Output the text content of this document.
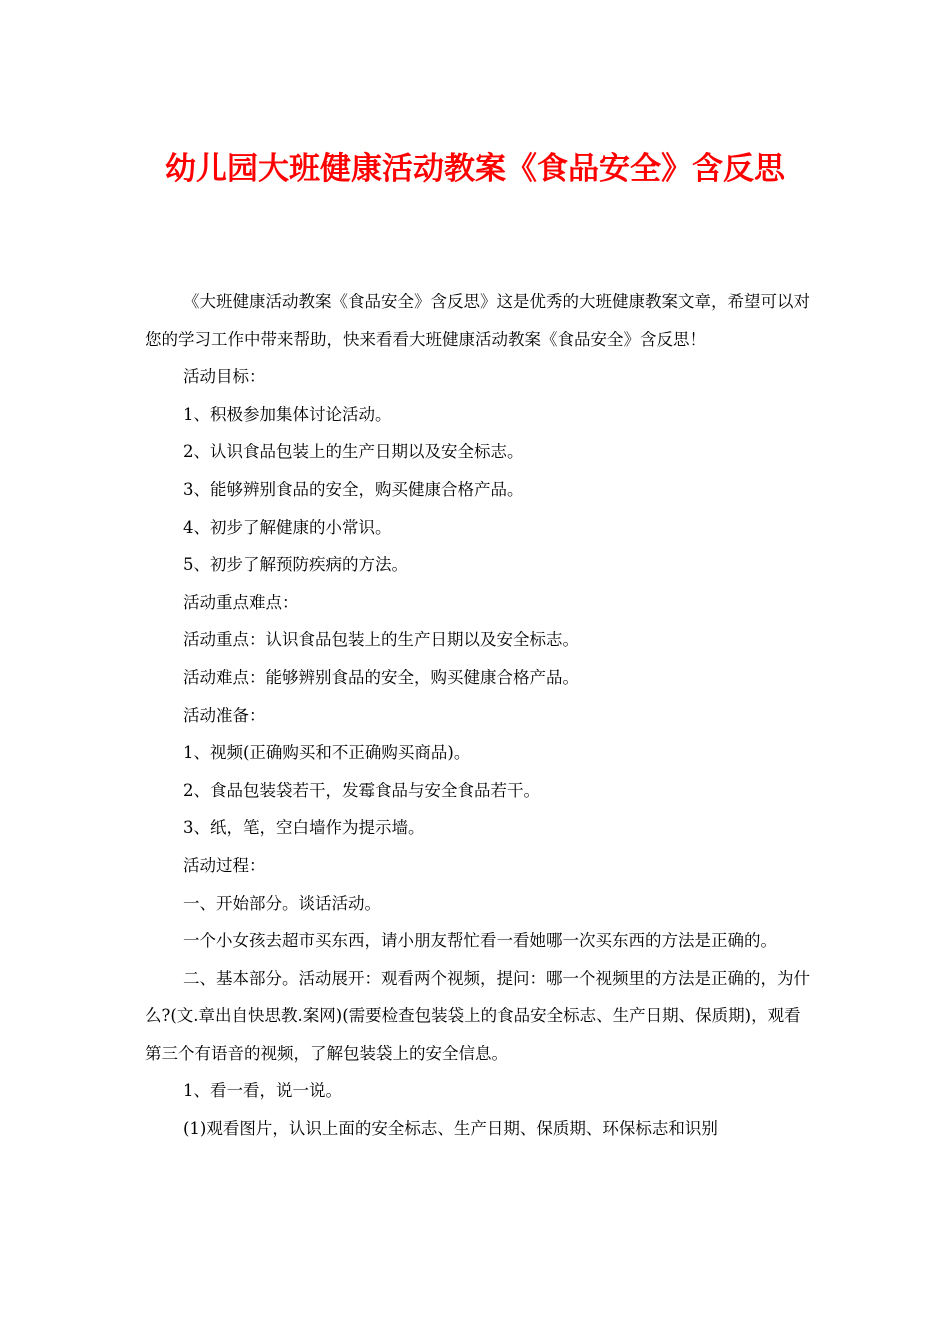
幼儿园大班健康活动教案《食品安全》含反思

《大班健康活动教案《食品安全》含反思》这是优秀的大班健康教案文章，希望可以对您的学习工作中带来帮助，快来看看大班健康活动教案《食品安全》含反思！

活动目标：

1、积极参加集体讨论活动。

2、认识食品包装上的生产日期以及安全标志。

3、能够辨别食品的安全，购买健康合格产品。

4、初步了解健康的小常识。

5、初步了解预防疾病的方法。

活动重点难点：

活动重点：认识食品包装上的生产日期以及安全标志。

活动难点：能够辨别食品的安全，购买健康合格产品。

活动准备：

1、视频(正确购买和不正确购买商品)。

2、食品包装袋若干，发霉食品与安全食品若干。

3、纸，笔，空白墙作为提示墙。

活动过程：

一、开始部分。谈话活动。

一个小女孩去超市买东西，请小朋友帮忙看一看她哪一次买东西的方法是正确的。

二、基本部分。活动展开：观看两个视频，提问：哪一个视频里的方法是正确的，为什么?(文.章出自快思教.案网)(需要检查包装袋上的食品安全标志、生产日期、保质期)，观看第三个有语音的视频，了解包装袋上的安全信息。

1、看一看，说一说。

(1)观看图片，认识上面的安全标志、生产日期、保质期、环保标志和识别
